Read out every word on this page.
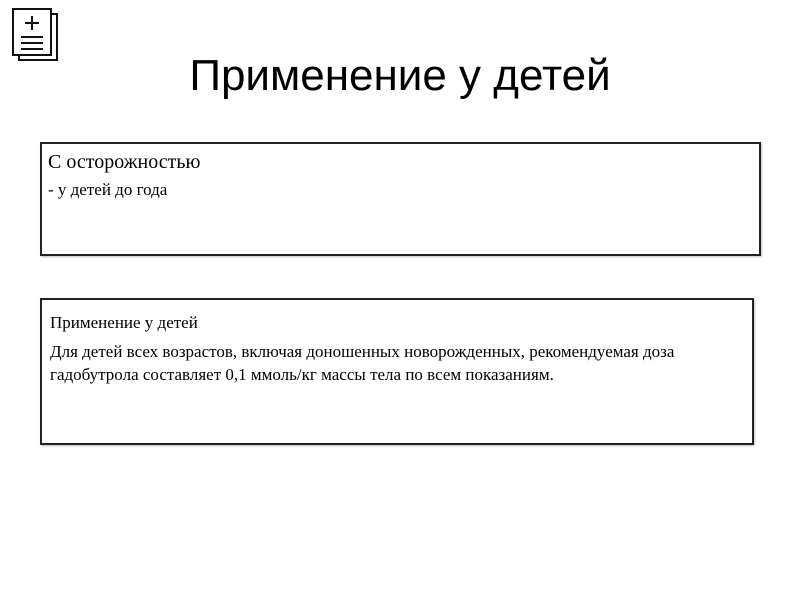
Применение у детей

С осторожностью

- у детей до года

Применение у детей

Для детей всех возрастов, включая доношенных новорожденных, рекомендуемая доза гадобутрола составляет 0,1 ммоль/кг массы тела по всем показаниям.
